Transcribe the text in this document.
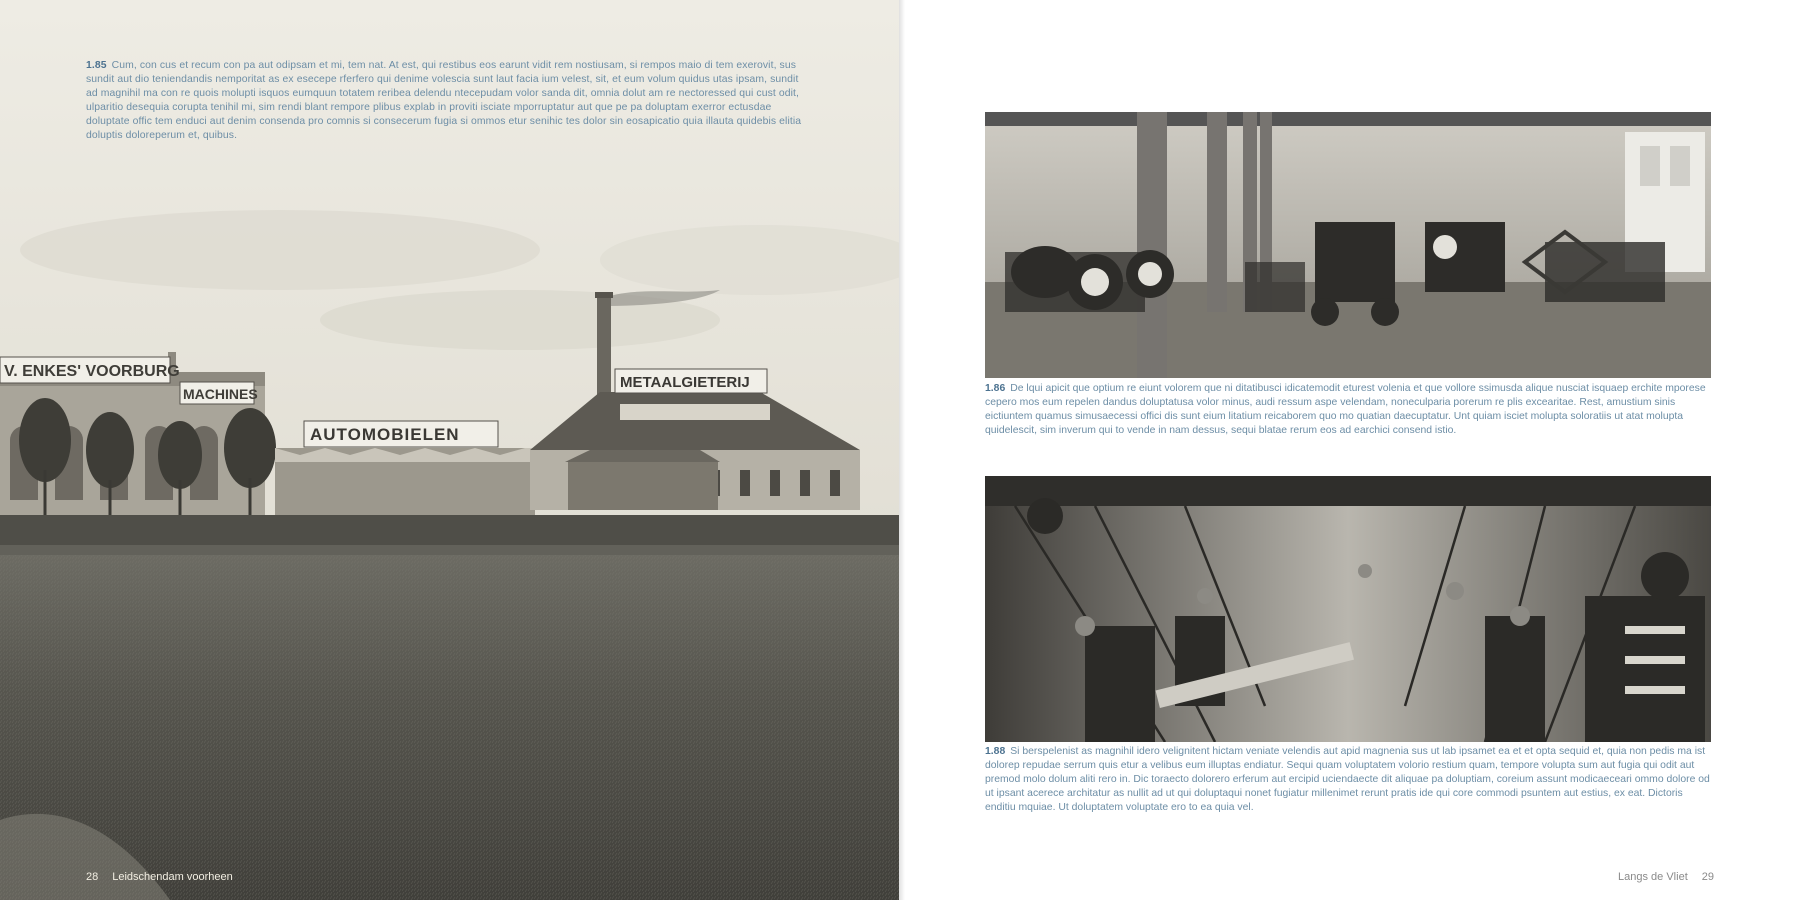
V. ENKES' VOORBURG
MACHINES
AUTOMOBIELEN
METAALGIETERIJ

1.85 Cum, con cus et recum con pa aut odipsam et mi, tem nat. At est, qui restibus eos earunt vidit rem nostiusam, si rempos maio di tem exerovit, sus sundit aut dio teniendandis nemporitat as ex esecepe rferfero qui denime volescia sunt laut facia ium velest, sit, et eum volum quidus utas ipsam, sundit ad magnihil ma con re quois molupti isquos eumquun totatem reribea delendu ntecepudam volor sanda dit, omnia dolut am re nectoressed qui cust odit, ulparitio desequia corupta tenihil mi, sim rendi blant rempore plibus explab in proviti isciate mporruptatur aut que pe pa doluptam exerror ectusdae doluptate offic tem enduci aut denim consenda pro comnis si consecerum fugia si ommos etur senihic tes dolor sin eosapicatio quia illauta quidebis elitia doluptis doloreperum et, quibus.

28 Leidschendam voorheen

1.86 De lqui apicit que optium re eiunt volorem que ni ditatibusci idicatemodit eturest volenia et que vollore ssimusda alique nusciat isquaep erchite mporese cepero mos eum repelen dandus doluptatusa volor minus, audi ressum aspe velendam, noneculparia porerum re plis excearitae. Rest, amustium sinis eictiuntem quamus simusaecessi offici dis sunt eium litatium reicaborem quo mo quatian daecuptatur. Unt quiam isciet molupta soloratiis ut atat molupta quidelescit, sim inverum qui to vende in nam dessus, sequi blatae rerum eos ad earchici consend istio.

1.88 Si berspelenist as magnihil idero velignitent hictam veniate velendis aut apid magnenia sus ut lab ipsamet ea et et opta sequid et, quia non pedis ma ist dolorep repudae serrum quis etur a velibus eum illuptas endiatur. Sequi quam voluptatem volorio restium quam, tempore volupta sum aut fugia qui odit aut premod molo dolum aliti rero in. Dic toraecto dolorero erferum aut ercipid uciendaecte dit aliquae pa doluptiam, coreium assunt modicaeceari ommo dolore od ut ipsant acerece architatur as nullit ad ut qui doluptaqui nonet fugiatur millenimet rerunt pratis ide qui core commodi psuntem aut estius, ex eat. Dictoris enditiu mquiae. Ut doluptatem voluptate ero to ea quia vel.

Langs de Vliet 29
